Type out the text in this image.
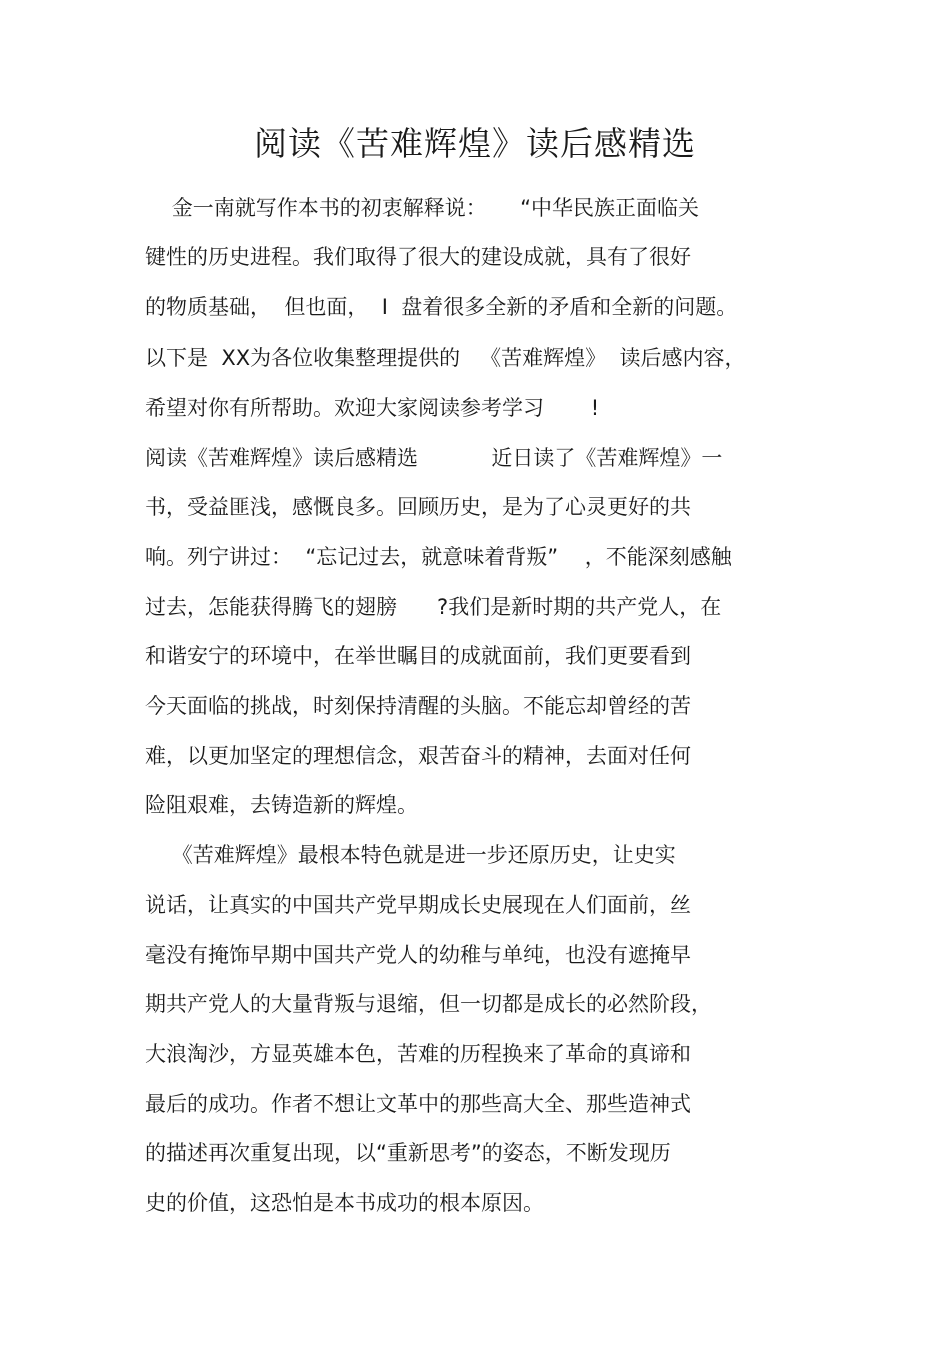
阅读《苦难辉煌》读后感精选

金一南就写作本书的初衷解释说：     “中华民族正面临关

键性的历史进程。我们取得了很大的建设成就，具有了很好

的物质基础，  但也面，  I  盘着很多全新的矛盾和全新的问题。

以下是  XX为各位收集整理提供的   《苦难辉煌》  读后感内容，

希望对你有所帮助。欢迎大家阅读参考学习       !

阅读《苦难辉煌》读后感精选           近日读了《苦难辉煌》一

书，受益匪浅，感慨良多。回顾历史，是为了心灵更好的共

响。列宁讲过：  “忘记过去，就意味着背叛”    ，不能深刻感触

过去，怎能获得腾飞的翅膀      ?我们是新时期的共产党人，在

和谐安宁的环境中，在举世瞩目的成就面前，我们更要看到

今天面临的挑战，时刻保持清醒的头脑。不能忘却曾经的苦

难，以更加坚定的理想信念，艰苦奋斗的精神，去面对任何

险阻艰难，去铸造新的辉煌。

《苦难辉煌》最根本特色就是进一步还原历史，让史实

说话，让真实的中国共产党早期成长史展现在人们面前，丝

毫没有掩饰早期中国共产党人的幼稚与单纯，也没有遮掩早

期共产党人的大量背叛与退缩，但一切都是成长的必然阶段，

大浪淘沙，方显英雄本色，苦难的历程换来了革命的真谛和

最后的成功。作者不想让文革中的那些高大全、那些造神式

的描述再次重复出现，以“重新思考”的姿态，不断发现历

史的价值，这恐怕是本书成功的根本原因。
